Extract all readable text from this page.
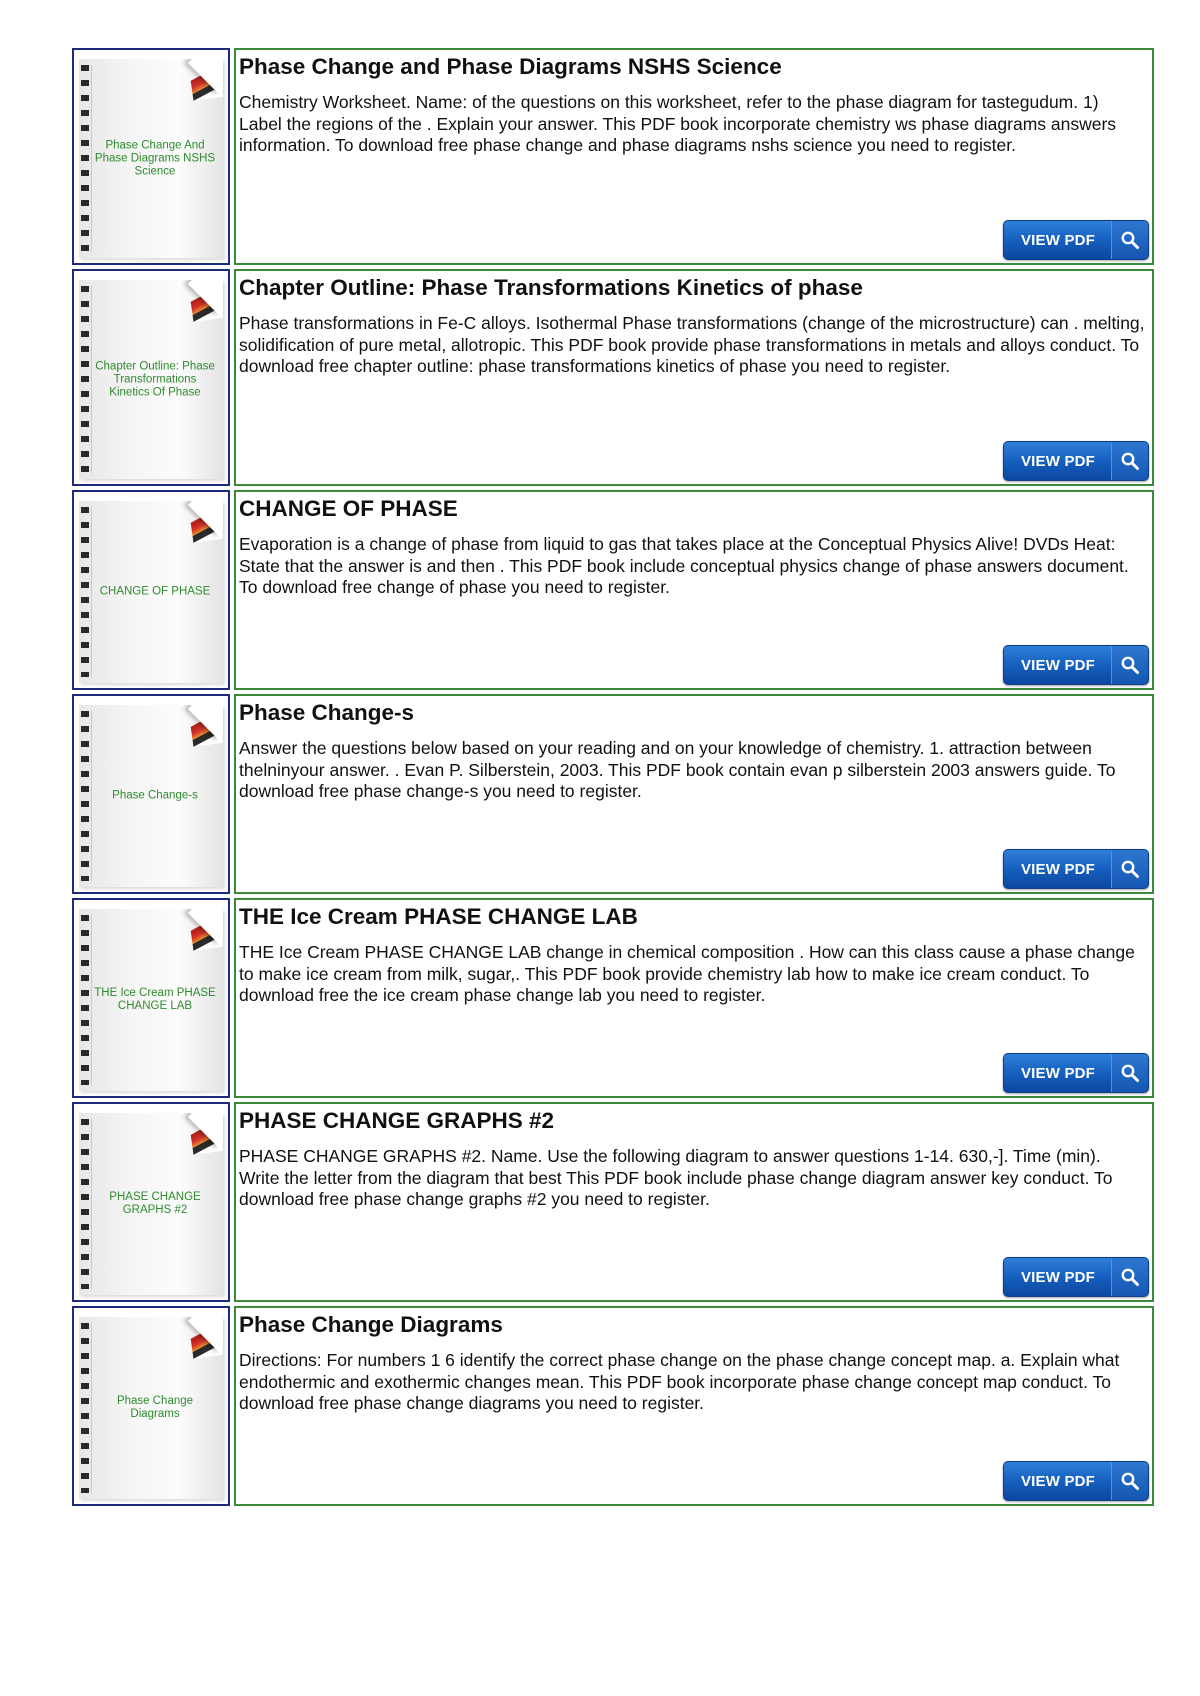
Phase Change And Phase Diagrams NSHS Science
Phase Change and Phase Diagrams NSHS Science

Chemistry Worksheet. Name: of the questions on this worksheet, refer to the phase diagram for tastegudum. 1) Label the regions of the . Explain your answer. This PDF book incorporate chemistry ws phase diagrams answers information. To download free phase change and phase diagrams nshs science you need to register.

VIEW PDF
Chapter Outline: Phase Transformations Kinetics Of Phase
Chapter Outline: Phase Transformations Kinetics of phase

Phase transformations in Fe-C alloys. Isothermal Phase transformations (change of the microstructure) can . melting, solidification of pure metal, allotropic. This PDF book provide phase transformations in metals and alloys conduct. To download free chapter outline: phase transformations kinetics of phase you need to register.

VIEW PDF
CHANGE OF PHASE
CHANGE OF PHASE

Evaporation is a change of phase from liquid to gas that takes place at the Conceptual Physics Alive! DVDs Heat: State that the answer is and then . This PDF book include conceptual physics change of phase answers document. To download free change of phase you need to register.

VIEW PDF
Phase Change-s
Phase Change-s

Answer the questions below based on your reading and on your knowledge of chemistry. 1. attraction between thelninyour answer. . Evan P. Silberstein, 2003. This PDF book contain evan p silberstein 2003 answers guide. To download free phase change-s you need to register.

VIEW PDF
THE Ice Cream PHASE CHANGE LAB
THE Ice Cream PHASE CHANGE LAB

THE Ice Cream PHASE CHANGE LAB change in chemical composition . How can this class cause a phase change to make ice cream from milk, sugar,. This PDF book provide chemistry lab how to make ice cream conduct. To download free the ice cream phase change lab you need to register.

VIEW PDF
PHASE CHANGE GRAPHS #2
PHASE CHANGE GRAPHS #2

PHASE CHANGE GRAPHS #2. Name. Use the following diagram to answer questions 1-14. 630,-]. Time (min). Write the letter from the diagram that best This PDF book include phase change diagram answer key conduct. To download free phase change graphs #2 you need to register.

VIEW PDF
Phase Change Diagrams
Phase Change Diagrams

Directions: For numbers 1 6 identify the correct phase change on the phase change concept map. a. Explain what endothermic and exothermic changes mean. This PDF book incorporate phase change concept map conduct. To download free phase change diagrams you need to register.

VIEW PDF
